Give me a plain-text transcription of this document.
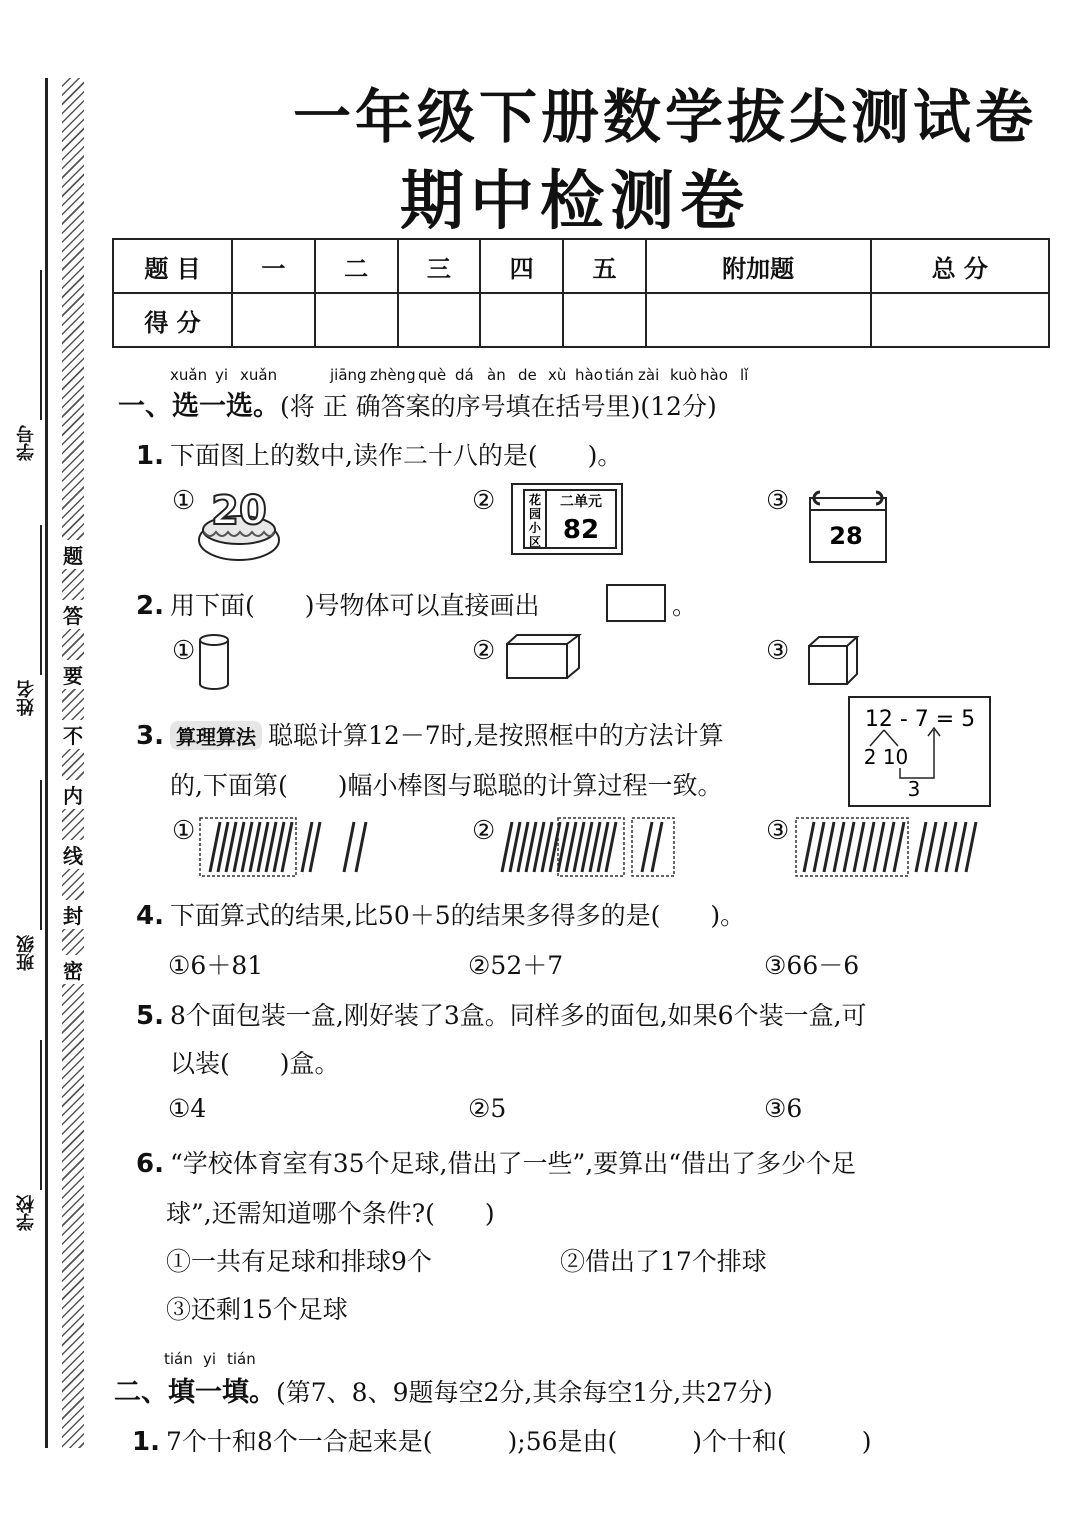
题
答
要
不
内
线
封
密
学号
姓名
班级
学校
一年级下册数学拔尖测试卷
期中检测卷
题 目	一	二	三	四	五	附加题	总 分
得 分							
xuǎn yi xuǎn	jiāng zhèng què dá àn de xù hào tián zài kuò hào lǐ
一、选一选。(将 正 确答案的序号填在括号里)(12分)
1. 下面图上的数中,读作二十八的是(　　)。
① 20	②	花
园
小
区
二单元
82
③
28
2. 用下面(　　)号物体可以直接画出	。
①	②	③
3. 算理算法 聪聪计算12－7时,是按照框中的方法计算
的,下面第(　　)幅小棒图与聪聪的计算过程一致。
12 - 7 = 5
2 10
3
①	②	③
4. 下面算式的结果,比50＋5的结果多得多的是(　　)。
①6＋81	②52＋7	③66－6
5. 8个面包装一盒,刚好装了3盒。同样多的面包,如果6个装一盒,可
以装(　　)盒。
①4	②5	③6
6. “学校体育室有35个足球,借出了一些”,要算出“借出了多少个足
球”,还需知道哪个条件?(　　)
①一共有足球和排球9个	②借出了17个排球
③还剩15个足球
tián yi tián
二、填一填。(第7、8、9题每空2分,其余每空1分,共27分)
1. 7个十和8个一合起来是(　　　);56是由(　　　)个十和(　　　)
